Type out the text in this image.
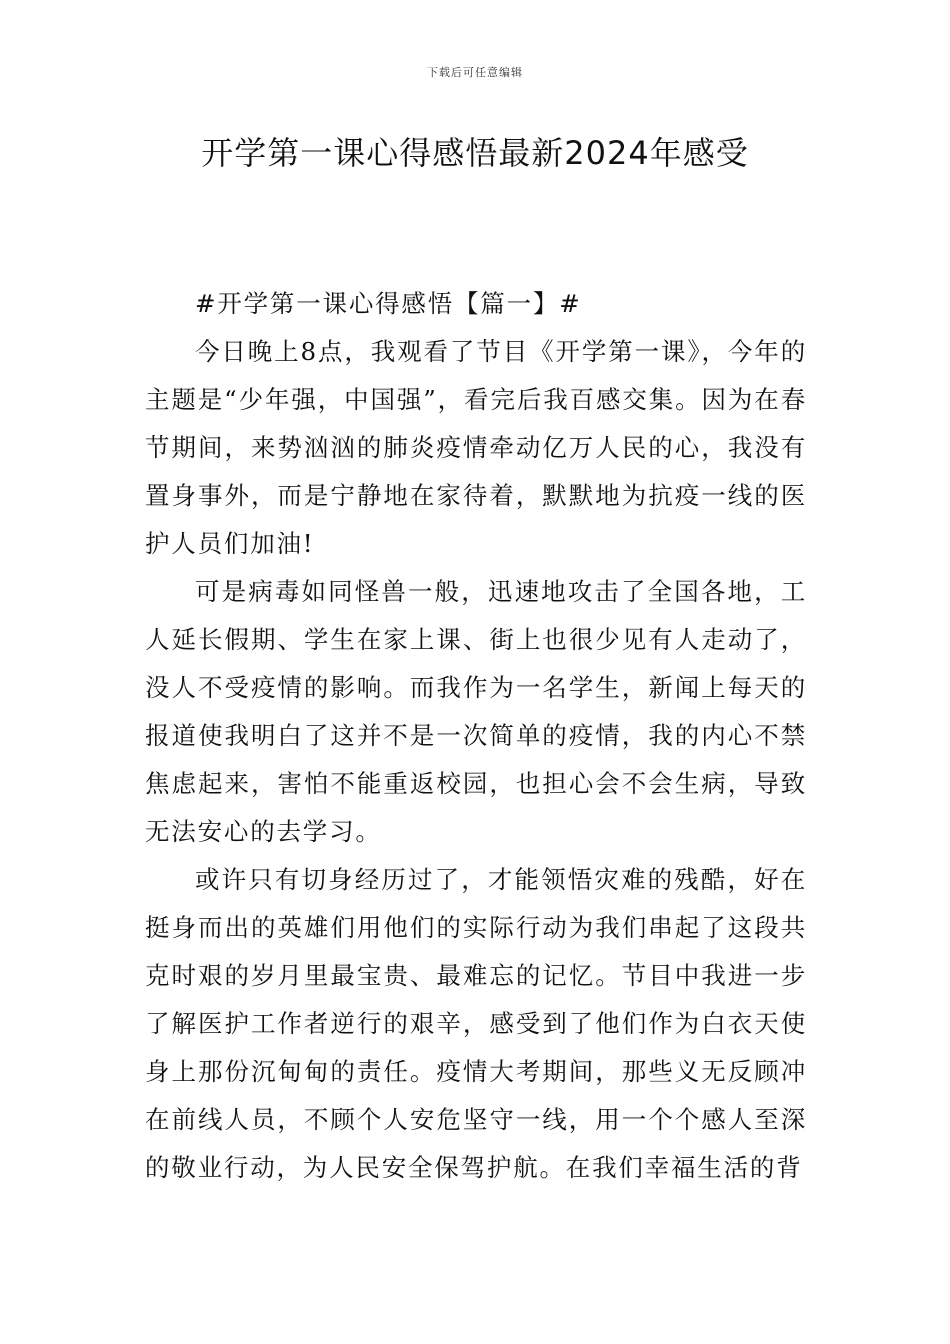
下载后可任意编辑
开学第一课心得感悟最新2024年感受

#开学第一课心得感悟【篇一】#

今日晚上8点，我观看了节目《开学第一课》，今年的主题是“少年强，中国强”，看完后我百感交集。因为在春节期间，来势汹汹的肺炎疫情牵动亿万人民的心，我没有置身事外，而是宁静地在家待着，默默地为抗疫一线的医护人员们加油!

可是病毒如同怪兽一般，迅速地攻击了全国各地，工人延长假期、学生在家上课、街上也很少见有人走动了，没人不受疫情的影响。而我作为一名学生，新闻上每天的报道使我明白了这并不是一次简单的疫情，我的内心不禁焦虑起来，害怕不能重返校园，也担心会不会生病，导致无法安心的去学习。

或许只有切身经历过了，才能领悟灾难的残酷，好在挺身而出的英雄们用他们的实际行动为我们串起了这段共克时艰的岁月里最宝贵、最难忘的记忆。节目中我进一步了解医护工作者逆行的艰辛，感受到了他们作为白衣天使身上那份沉甸甸的责任。疫情大考期间，那些义无反顾冲在前线人员，不顾个人安危坚守一线，用一个个感人至深的敬业行动，为人民安全保驾护航。在我们幸福生活的背
